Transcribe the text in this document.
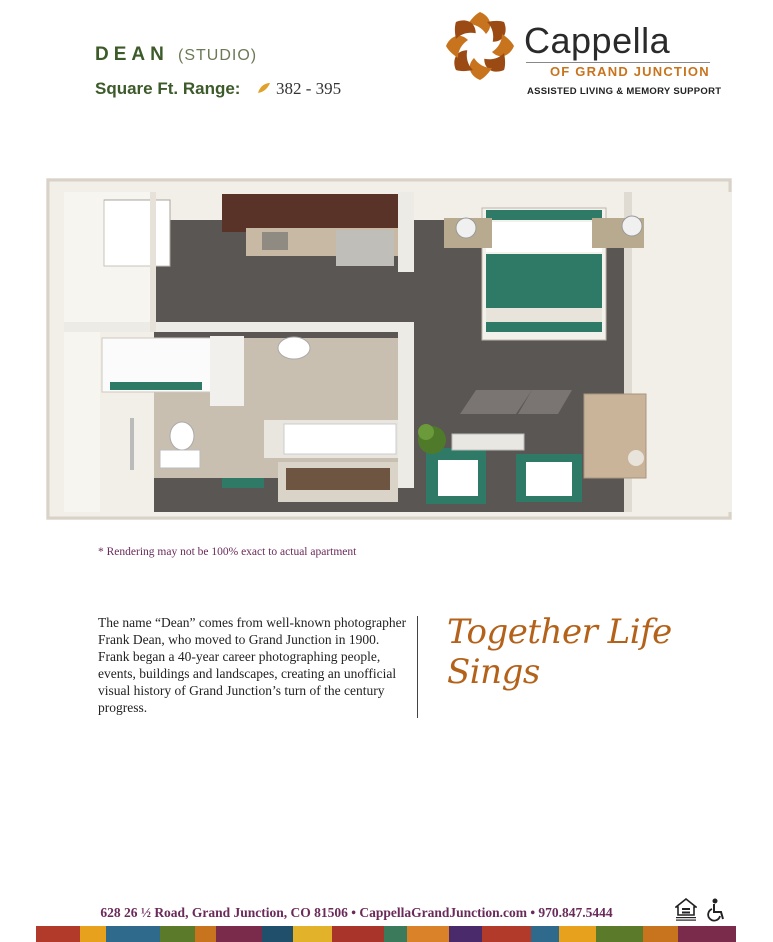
DEAN (STUDIO)
Square Ft. Range: 382 - 395
Cappella
OF GRAND JUNCTION
ASSISTED LIVING & MEMORY SUPPORT
* Rendering may not be 100% exact to actual apartment
The name “Dean” comes from well-known photographer Frank Dean, who moved to Grand Junction in 1900. Frank began a 40-year career photographing people, events, buildings and landscapes, creating an unofficial visual history of Grand Junction’s turn of the century progress.
Together Life Sings
628 26 ½ Road, Grand Junction, CO 81506 • CappellaGrandJunction.com • 970.847.5444
